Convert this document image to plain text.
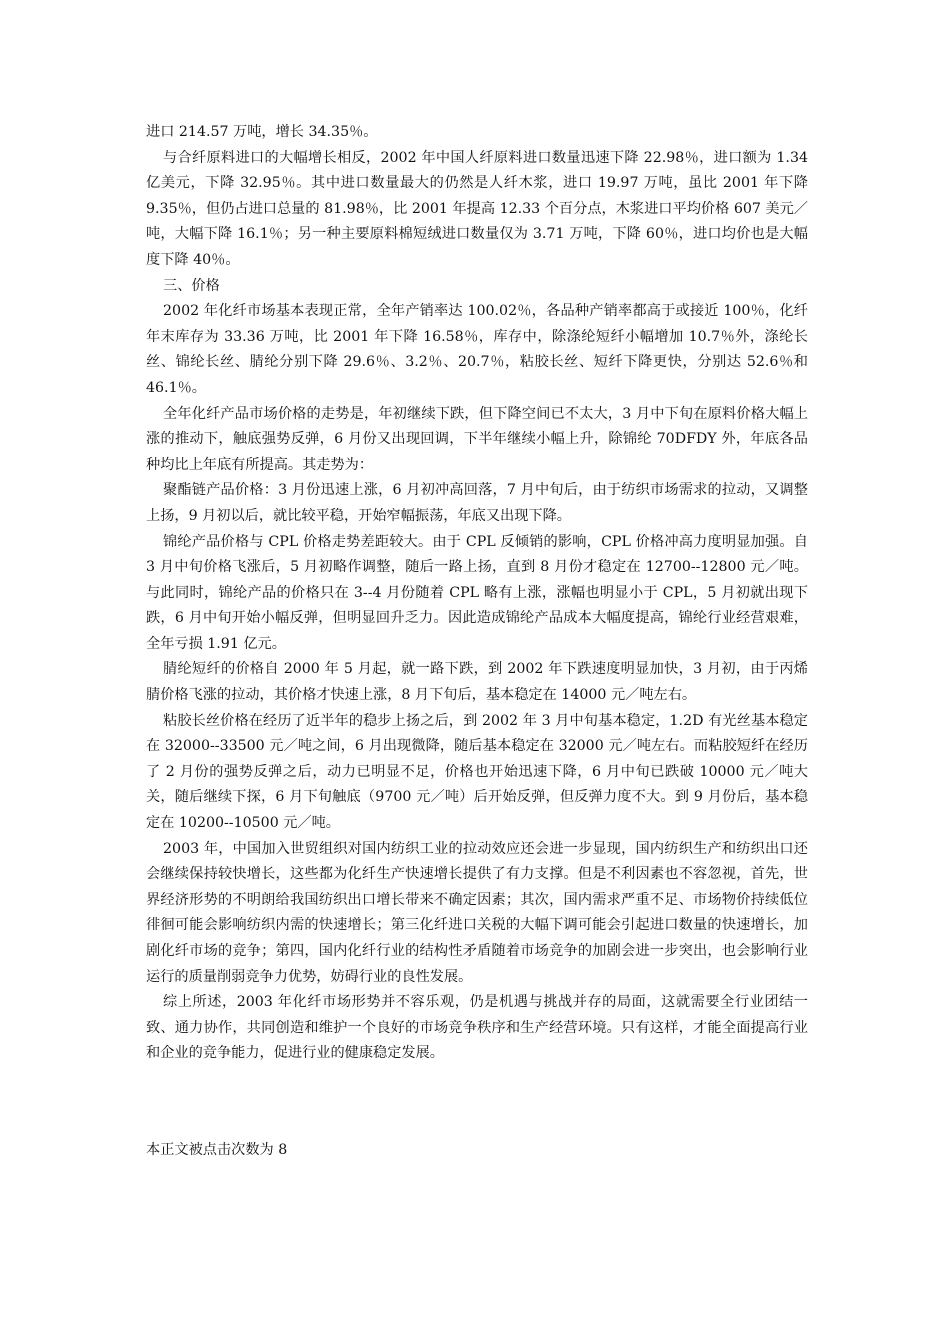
进口 214.57 万吨，增长 34.35％。

与合纤原料进口的大幅增长相反，2002 年中国人纤原料进口数量迅速下降 22.98％，进口额为 1.34 亿美元，下降 32.95％。其中进口数量最大的仍然是人纤木浆，进口 19.97 万吨，虽比 2001 年下降 9.35％，但仍占进口总量的 81.98％，比 2001 年提高 12.33 个百分点，木浆进口平均价格 607 美元／吨，大幅下降 16.1％；另一种主要原料棉短绒进口数量仅为 3.71 万吨，下降 60％，进口均价也是大幅度下降 40％。

三、价格

2002 年化纤市场基本表现正常，全年产销率达 100.02％，各品种产销率都高于或接近 100％，化纤年末库存为 33.36 万吨，比 2001 年下降 16.58％，库存中，除涤纶短纤小幅增加 10.7％外，涤纶长丝、锦纶长丝、腈纶分别下降 29.6％、3.2％、20.7％，粘胶长丝、短纤下降更快，分别达 52.6％和 46.1％。

全年化纤产品市场价格的走势是，年初继续下跌，但下降空间已不太大，3 月中下旬在原料价格大幅上涨的推动下，触底强势反弹，6 月份又出现回调，下半年继续小幅上升，除锦纶 70DFDY 外，年底各品种均比上年底有所提高。其走势为：

聚酯链产品价格：3 月份迅速上涨，6 月初冲高回落，7 月中旬后，由于纺织市场需求的拉动，又调整上扬，9 月初以后，就比较平稳，开始窄幅振荡，年底又出现下降。

锦纶产品价格与 CPL 价格走势差距较大。由于 CPL 反倾销的影响，CPL 价格冲高力度明显加强。自 3 月中旬价格飞涨后，5 月初略作调整，随后一路上扬，直到 8 月份才稳定在 12700--12800 元／吨。与此同时，锦纶产品的价格只在 3--4 月份随着 CPL 略有上涨，涨幅也明显小于 CPL，5 月初就出现下跌，6 月中旬开始小幅反弹，但明显回升乏力。因此造成锦纶产品成本大幅度提高，锦纶行业经营艰难，全年亏损 1.91 亿元。

腈纶短纤的价格自 2000 年 5 月起，就一路下跌，到 2002 年下跌速度明显加快，3 月初，由于丙烯腈价格飞涨的拉动，其价格才快速上涨，8 月下旬后，基本稳定在 14000 元／吨左右。

粘胶长丝价格在经历了近半年的稳步上扬之后，到 2002 年 3 月中旬基本稳定，1.2D 有光丝基本稳定在 32000--33500 元／吨之间，6 月出现微降，随后基本稳定在 32000 元／吨左右。而粘胶短纤在经历了 2 月份的强势反弹之后，动力已明显不足，价格也开始迅速下降，6 月中旬已跌破 10000 元／吨大关，随后继续下探，6 月下旬触底（9700 元／吨）后开始反弹，但反弹力度不大。到 9 月份后，基本稳定在 10200--10500 元／吨。

2003 年，中国加入世贸组织对国内纺织工业的拉动效应还会进一步显现，国内纺织生产和纺织出口还会继续保持较快增长，这些都为化纤生产快速增长提供了有力支撑。但是不利因素也不容忽视，首先，世界经济形势的不明朗给我国纺织出口增长带来不确定因素；其次，国内需求严重不足、市场物价持续低位徘徊可能会影响纺织内需的快速增长；第三化纤进口关税的大幅下调可能会引起进口数量的快速增长，加剧化纤市场的竞争；第四，国内化纤行业的结构性矛盾随着市场竞争的加剧会进一步突出，也会影响行业运行的质量削弱竞争力优势，妨碍行业的良性发展。

综上所述，2003 年化纤市场形势并不容乐观，仍是机遇与挑战并存的局面，这就需要全行业团结一致、通力协作，共同创造和维护一个良好的市场竞争秩序和生产经营环境。只有这样，才能全面提高行业和企业的竞争能力，促进行业的健康稳定发展。

本正文被点击次数为 8
